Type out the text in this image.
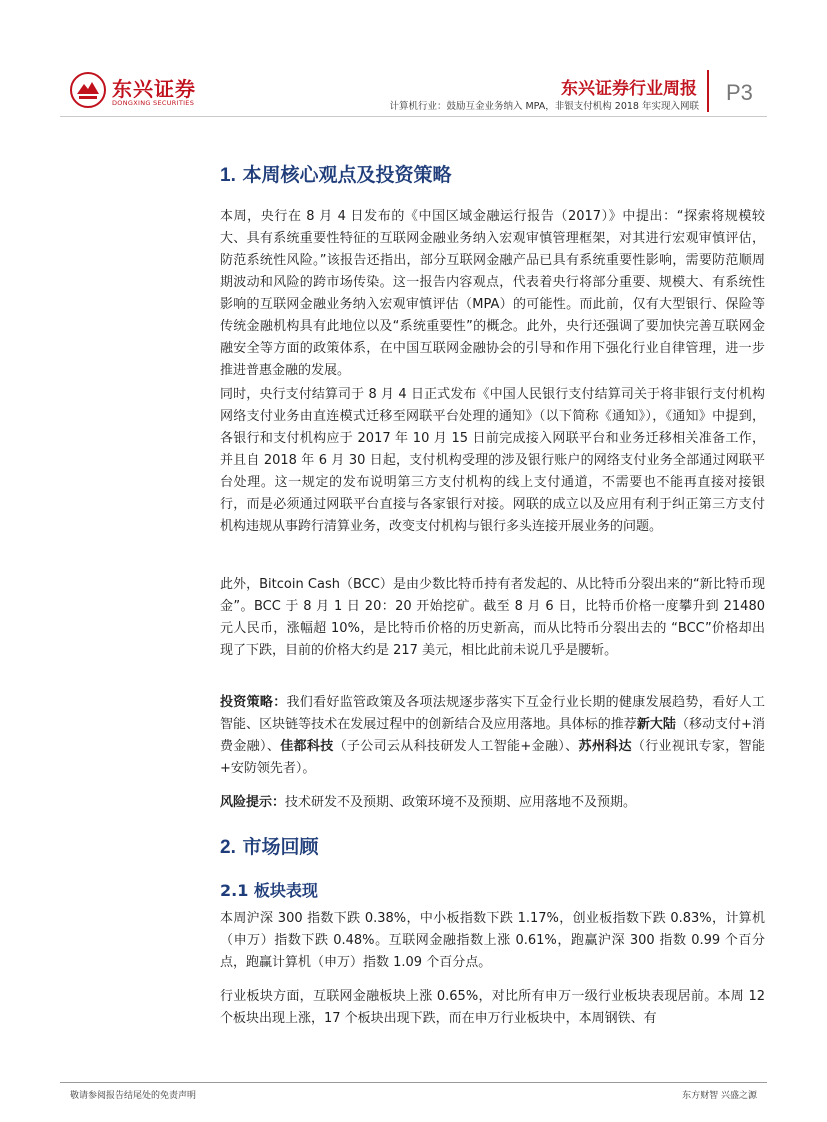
东兴证券
DONGXING SECURITIES
东兴证券行业周报
计算机行业：鼓励互金业务纳入 MPA，非银支付机构 2018 年实现入网联
P3
1. 本周核心观点及投资策略
本周，央行在 8 月 4 日发布的《中国区域金融运行报告（2017）》中提出：“探索将规模较大、具有系统重要性特征的互联网金融业务纳入宏观审慎管理框架，对其进行宏观审慎评估，防范系统性风险。”该报告还指出，部分互联网金融产品已具有系统重要性影响，需要防范顺周期波动和风险的跨市场传染。这一报告内容观点，代表着央行将部分重要、规模大、有系统性影响的互联网金融业务纳入宏观审慎评估（MPA）的可能性。而此前，仅有大型银行、保险等传统金融机构具有此地位以及“系统重要性”的概念。此外，央行还强调了要加快完善互联网金融安全等方面的政策体系，在中国互联网金融协会的引导和作用下强化行业自律管理，进一步推进普惠金融的发展。
同时，央行支付结算司于 8 月 4 日正式发布《中国人民银行支付结算司关于将非银行支付机构网络支付业务由直连模式迁移至网联平台处理的通知》（以下简称《通知》），《通知》中提到，各银行和支付机构应于 2017 年 10 月 15 日前完成接入网联平台和业务迁移相关准备工作，并且自 2018 年 6 月 30 日起，支付机构受理的涉及银行账户的网络支付业务全部通过网联平台处理。这一规定的发布说明第三方支付机构的线上支付通道，不需要也不能再直接对接银行，而是必须通过网联平台直接与各家银行对接。网联的成立以及应用有利于纠正第三方支付机构违规从事跨行清算业务，改变支付机构与银行多头连接开展业务的问题。
此外，Bitcoin Cash（BCC）是由少数比特币持有者发起的、从比特币分裂出来的“新比特币现金”。BCC 于 8 月 1 日 20：20 开始挖矿。截至 8 月 6 日，比特币价格一度攀升到 21480 元人民币，涨幅超 10%，是比特币价格的历史新高，而从比特币分裂出去的 “BCC”价格却出现了下跌，目前的价格大约是 217 美元，相比此前未说几乎是腰斩。
投资策略：我们看好监管政策及各项法规逐步落实下互金行业长期的健康发展趋势，看好人工智能、区块链等技术在发展过程中的创新结合及应用落地。具体标的推荐新大陆（移动支付+消费金融）、佳都科技（子公司云从科技研发人工智能+金融）、苏州科达（行业视讯专家，智能+安防领先者）。
风险提示：技术研发不及预期、政策环境不及预期、应用落地不及预期。
2. 市场回顾
2.1 板块表现
本周沪深 300 指数下跌 0.38%，中小板指数下跌 1.17%，创业板指数下跌 0.83%，计算机（申万）指数下跌 0.48%。互联网金融指数上涨 0.61%，跑赢沪深 300 指数 0.99 个百分点，跑赢计算机（申万）指数 1.09 个百分点。
行业板块方面，互联网金融板块上涨 0.65%，对比所有申万一级行业板块表现居前。本周 12 个板块出现上涨，17 个板块出现下跌，而在申万行业板块中，本周钢铁、有
敬请参阅报告结尾处的免责声明	东方财智 兴盛之源
